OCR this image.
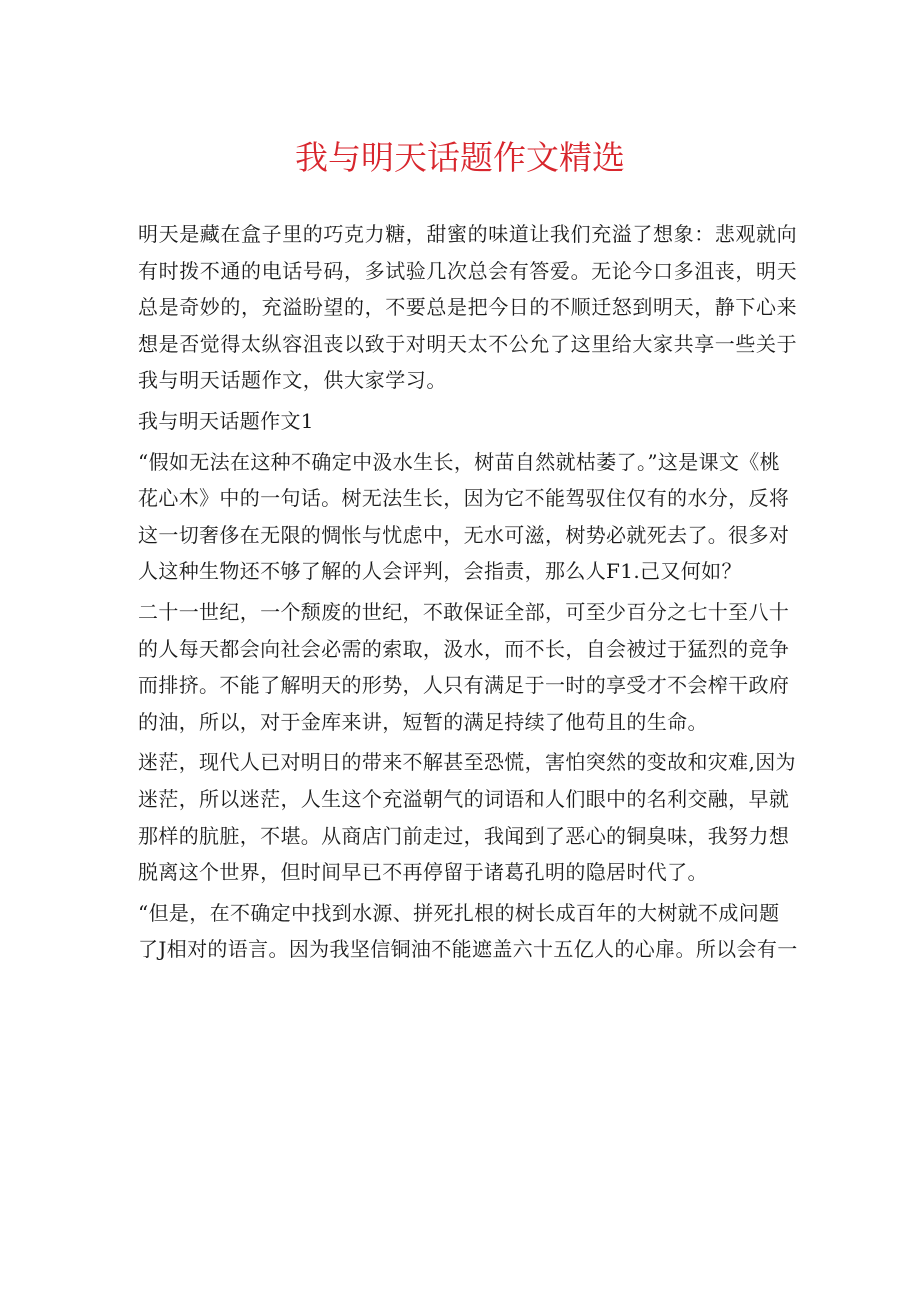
我与明天话题作文精选
明天是藏在盒子里的巧克力糖，甜蜜的味道让我们充溢了想象：悲观就向
有时拨不通的电话号码，多试验几次总会有答爱。无论今口多沮丧，明天
总是奇妙的，充溢盼望的，不要总是把今日的不顺迁怒到明天，静下心来
想是否觉得太纵容沮丧以致于对明天太不公允了这里给大家共享一些关于
我与明天话题作文，供大家学习。
我与明天话题作文1
“假如无法在这种不确定中汲水生长，树苗自然就枯萎了。”这是课文《桃
花心木》中的一句话。树无法生长，因为它不能驾驭住仅有的水分，反将
这一切奢侈在无限的惆怅与忧虑中，无水可滋，树势必就死去了。很多对
人这种生物还不够了解的人会评判，会指责，那么人F1.己又何如？
二十一世纪，一个颓废的世纪，不敢保证全部，可至少百分之七十至八十
的人每天都会向社会必需的索取，汲水，而不长，自会被过于猛烈的竞争
而排挤。不能了解明天的形势，人只有满足于一时的享受才不会榨干政府
的油，所以，对于金库来讲，短暂的满足持续了他苟且的生命。
迷茫，现代人已对明日的带来不解甚至恐慌，害怕突然的变故和灾难,因为
迷茫，所以迷茫，人生这个充溢朝气的词语和人们眼中的名利交融，早就
那样的肮脏，不堪。从商店门前走过，我闻到了恶心的铜臭味，我努力想
脱离这个世界，但时间早已不再停留于诸葛孔明的隐居时代了。
“但是，在不确定中找到水源、拼死扎根的树长成百年的大树就不成问题
了J相对的语言。因为我坚信铜油不能遮盖六十五亿人的心扉。所以会有一
